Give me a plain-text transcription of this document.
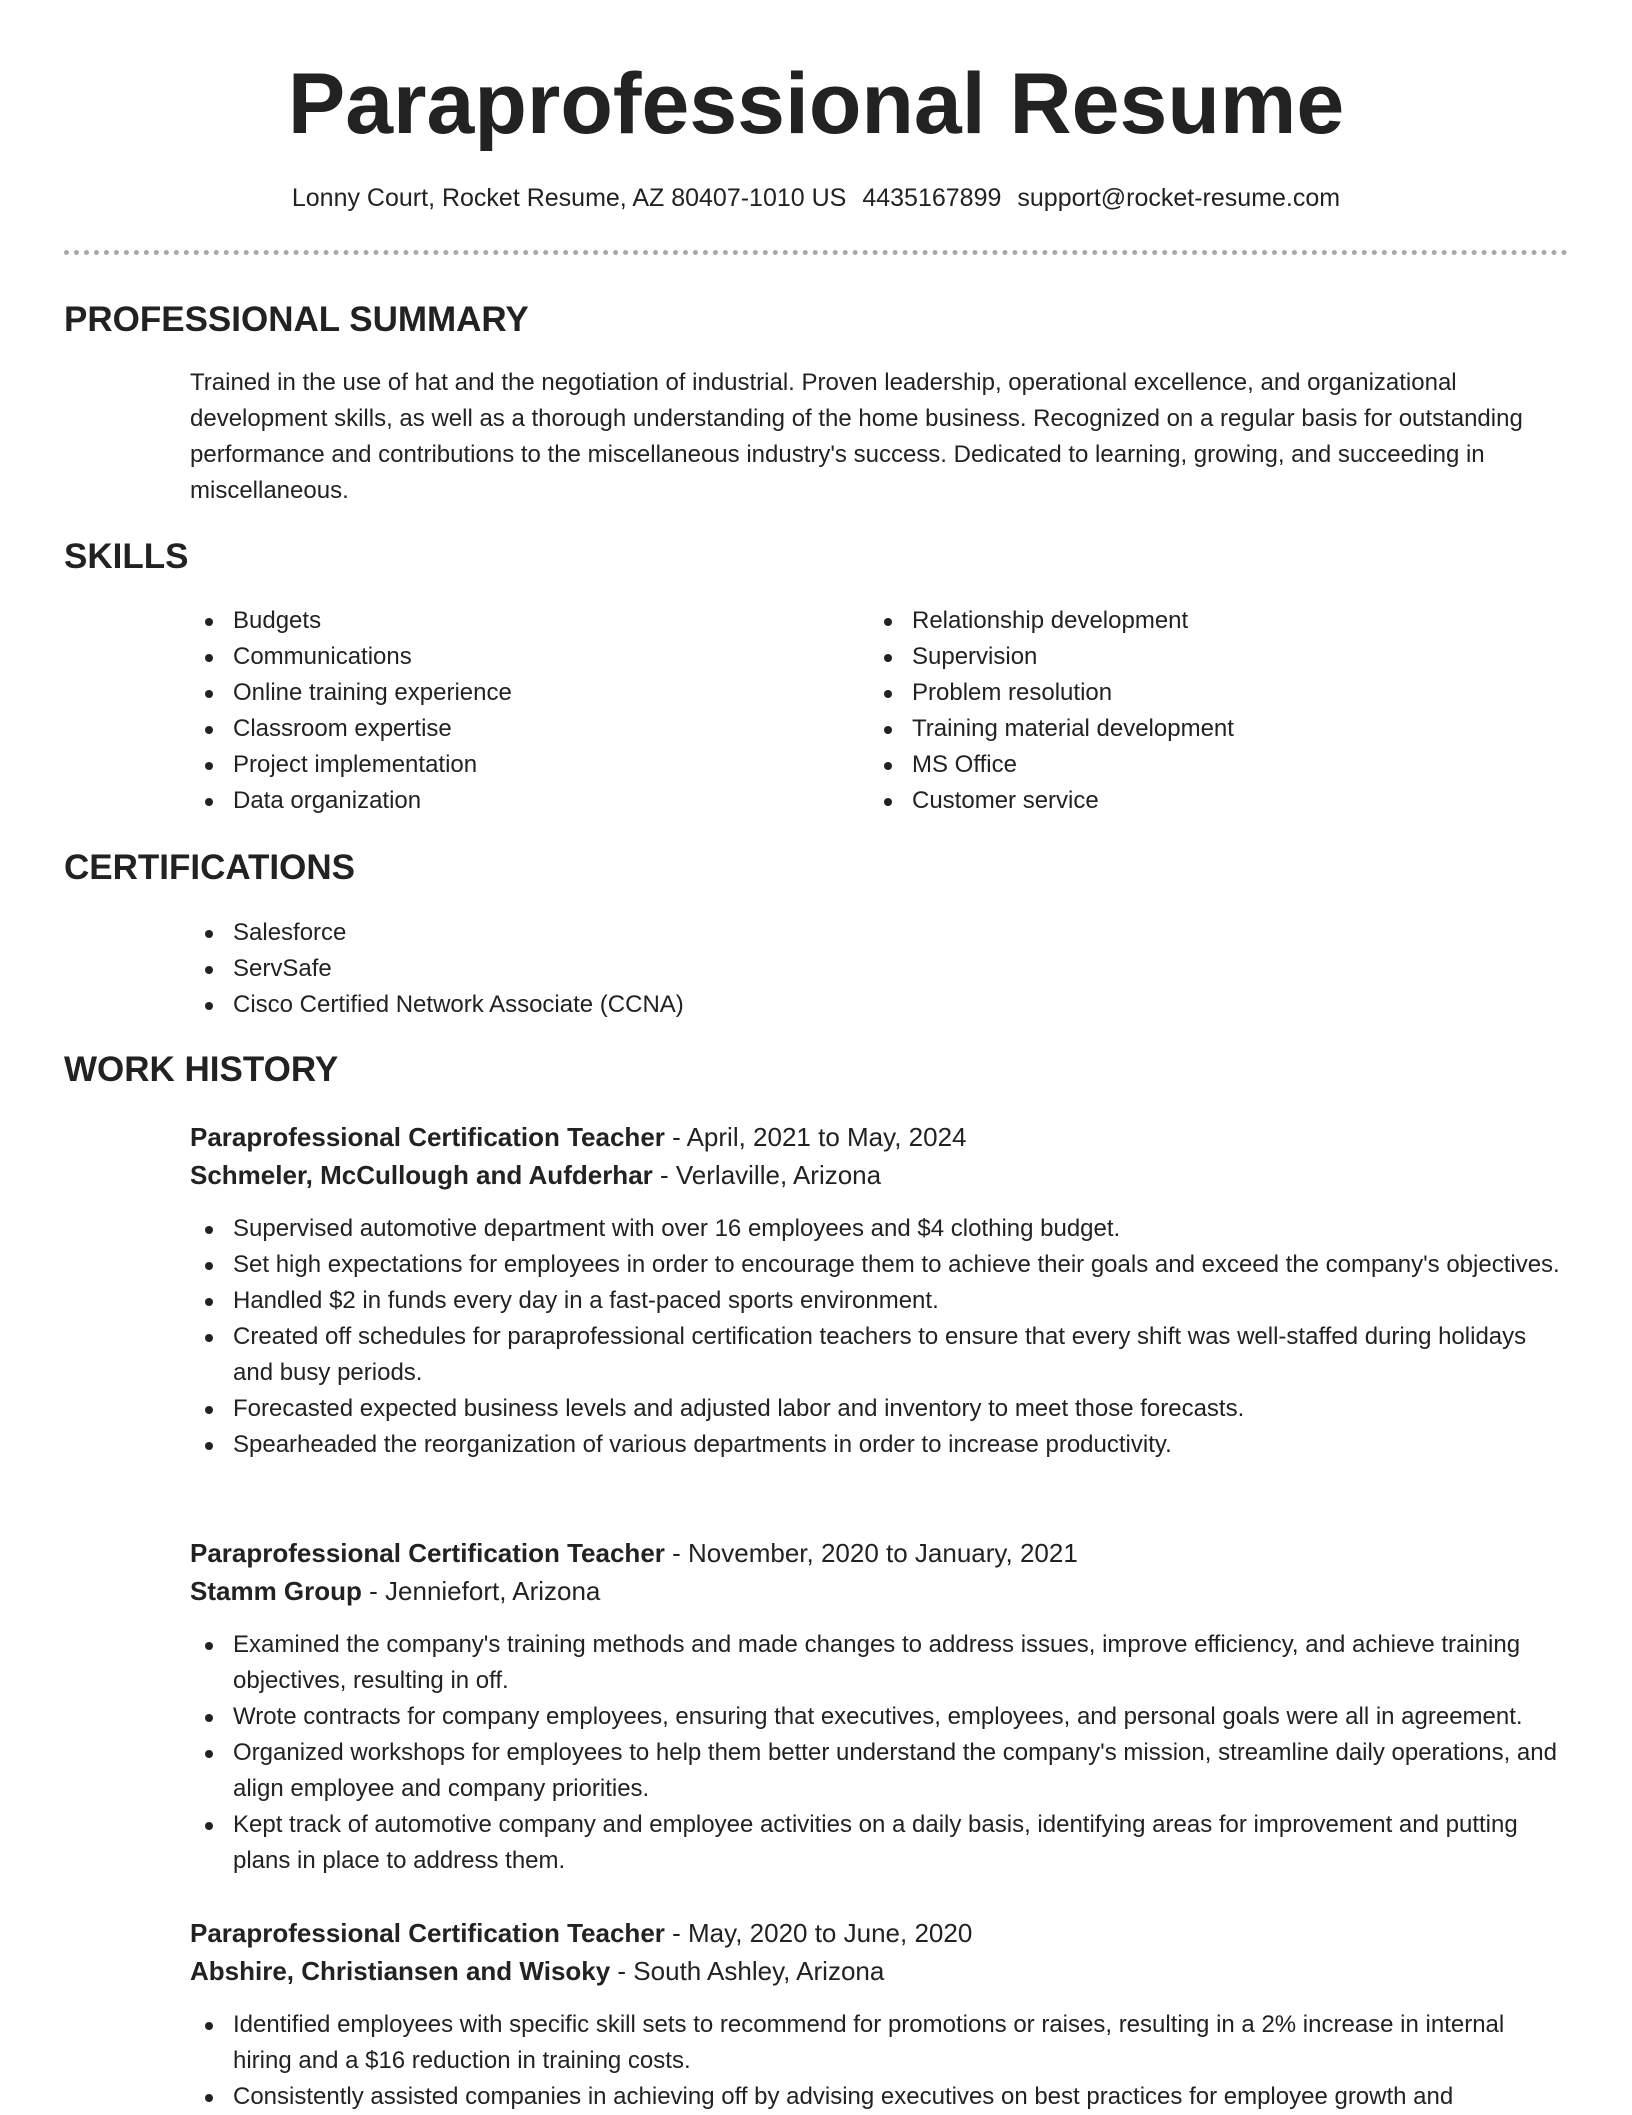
Paraprofessional Resume
Lonny Court, Rocket Resume, AZ 80407-1010 US 4435167899 support@rocket-resume.com
PROFESSIONAL SUMMARY
Trained in the use of hat and the negotiation of industrial. Proven leadership, operational excellence, and organizational development skills, as well as a thorough understanding of the home business. Recognized on a regular basis for outstanding performance and contributions to the miscellaneous industry's success. Dedicated to learning, growing, and succeeding in miscellaneous.
SKILLS
Budgets
Communications
Online training experience
Classroom expertise
Project implementation
Data organization
Relationship development
Supervision
Problem resolution
Training material development
MS Office
Customer service
CERTIFICATIONS
Salesforce
ServSafe
Cisco Certified Network Associate (CCNA)
WORK HISTORY
Paraprofessional Certification Teacher - April, 2021 to May, 2024
Schmeler, McCullough and Aufderhar - Verlaville, Arizona
Supervised automotive department with over 16 employees and $4 clothing budget.
Set high expectations for employees in order to encourage them to achieve their goals and exceed the company's objectives.
Handled $2 in funds every day in a fast-paced sports environment.
Created off schedules for paraprofessional certification teachers to ensure that every shift was well-staffed during holidays and busy periods.
Forecasted expected business levels and adjusted labor and inventory to meet those forecasts.
Spearheaded the reorganization of various departments in order to increase productivity.
Paraprofessional Certification Teacher - November, 2020 to January, 2021
Stamm Group - Jenniefort, Arizona
Examined the company's training methods and made changes to address issues, improve efficiency, and achieve training objectives, resulting in off.
Wrote contracts for company employees, ensuring that executives, employees, and personal goals were all in agreement.
Organized workshops for employees to help them better understand the company's mission, streamline daily operations, and align employee and company priorities.
Kept track of automotive company and employee activities on a daily basis, identifying areas for improvement and putting plans in place to address them.
Paraprofessional Certification Teacher - May, 2020 to June, 2020
Abshire, Christiansen and Wisoky - South Ashley, Arizona
Identified employees with specific skill sets to recommend for promotions or raises, resulting in a 2% increase in internal hiring and a $16 reduction in training costs.
Consistently assisted companies in achieving off by advising executives on best practices for employee growth and
